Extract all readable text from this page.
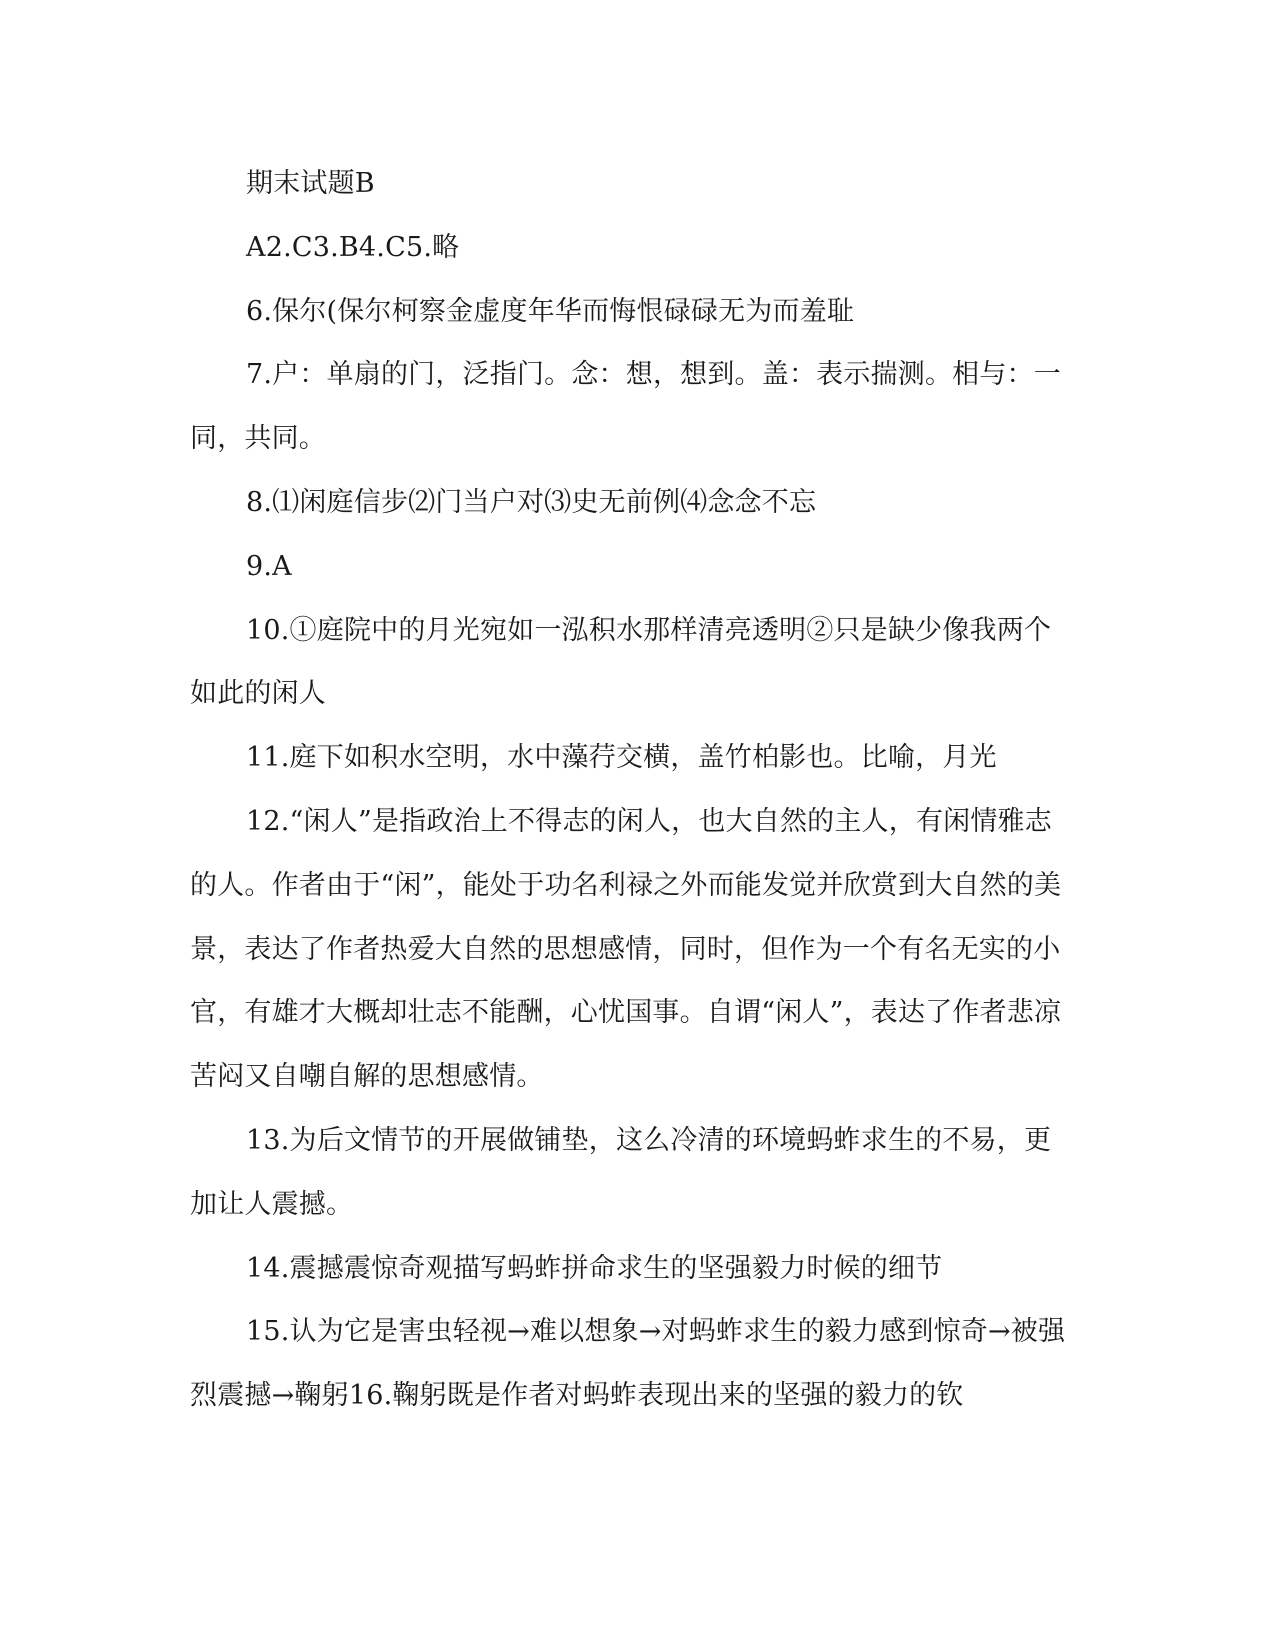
期末试题B

A2.C3.B4.C5.略

6.保尔(保尔柯察金虚度年华而悔恨碌碌无为而羞耻

7.户：单扇的门，泛指门。念：想，想到。盖：表示揣测。相与：一同，共同。

8.⑴闲庭信步⑵门当户对⑶史无前例⑷念念不忘

9.A

10.①庭院中的月光宛如一泓积水那样清亮透明②只是缺少像我两个如此的闲人

11.庭下如积水空明，水中藻荇交横，盖竹柏影也。比喻，月光

12.“闲人”是指政治上不得志的闲人，也大自然的主人，有闲情雅志的人。作者由于“闲”，能处于功名利禄之外而能发觉并欣赏到大自然的美景，表达了作者热爱大自然的思想感情，同时，但作为一个有名无实的小官，有雄才大概却壮志不能酬，心忧国事。自谓“闲人”，表达了作者悲凉苦闷又自嘲自解的思想感情。

13.为后文情节的开展做铺垫，这么冷清的环境蚂蚱求生的不易，更加让人震撼。

14.震撼震惊奇观描写蚂蚱拼命求生的坚强毅力时候的细节

15.认为它是害虫轻视→难以想象→对蚂蚱求生的毅力感到惊奇→被强烈震撼→鞠躬16.鞠躬既是作者对蚂蚱表现出来的坚强的毅力的钦
